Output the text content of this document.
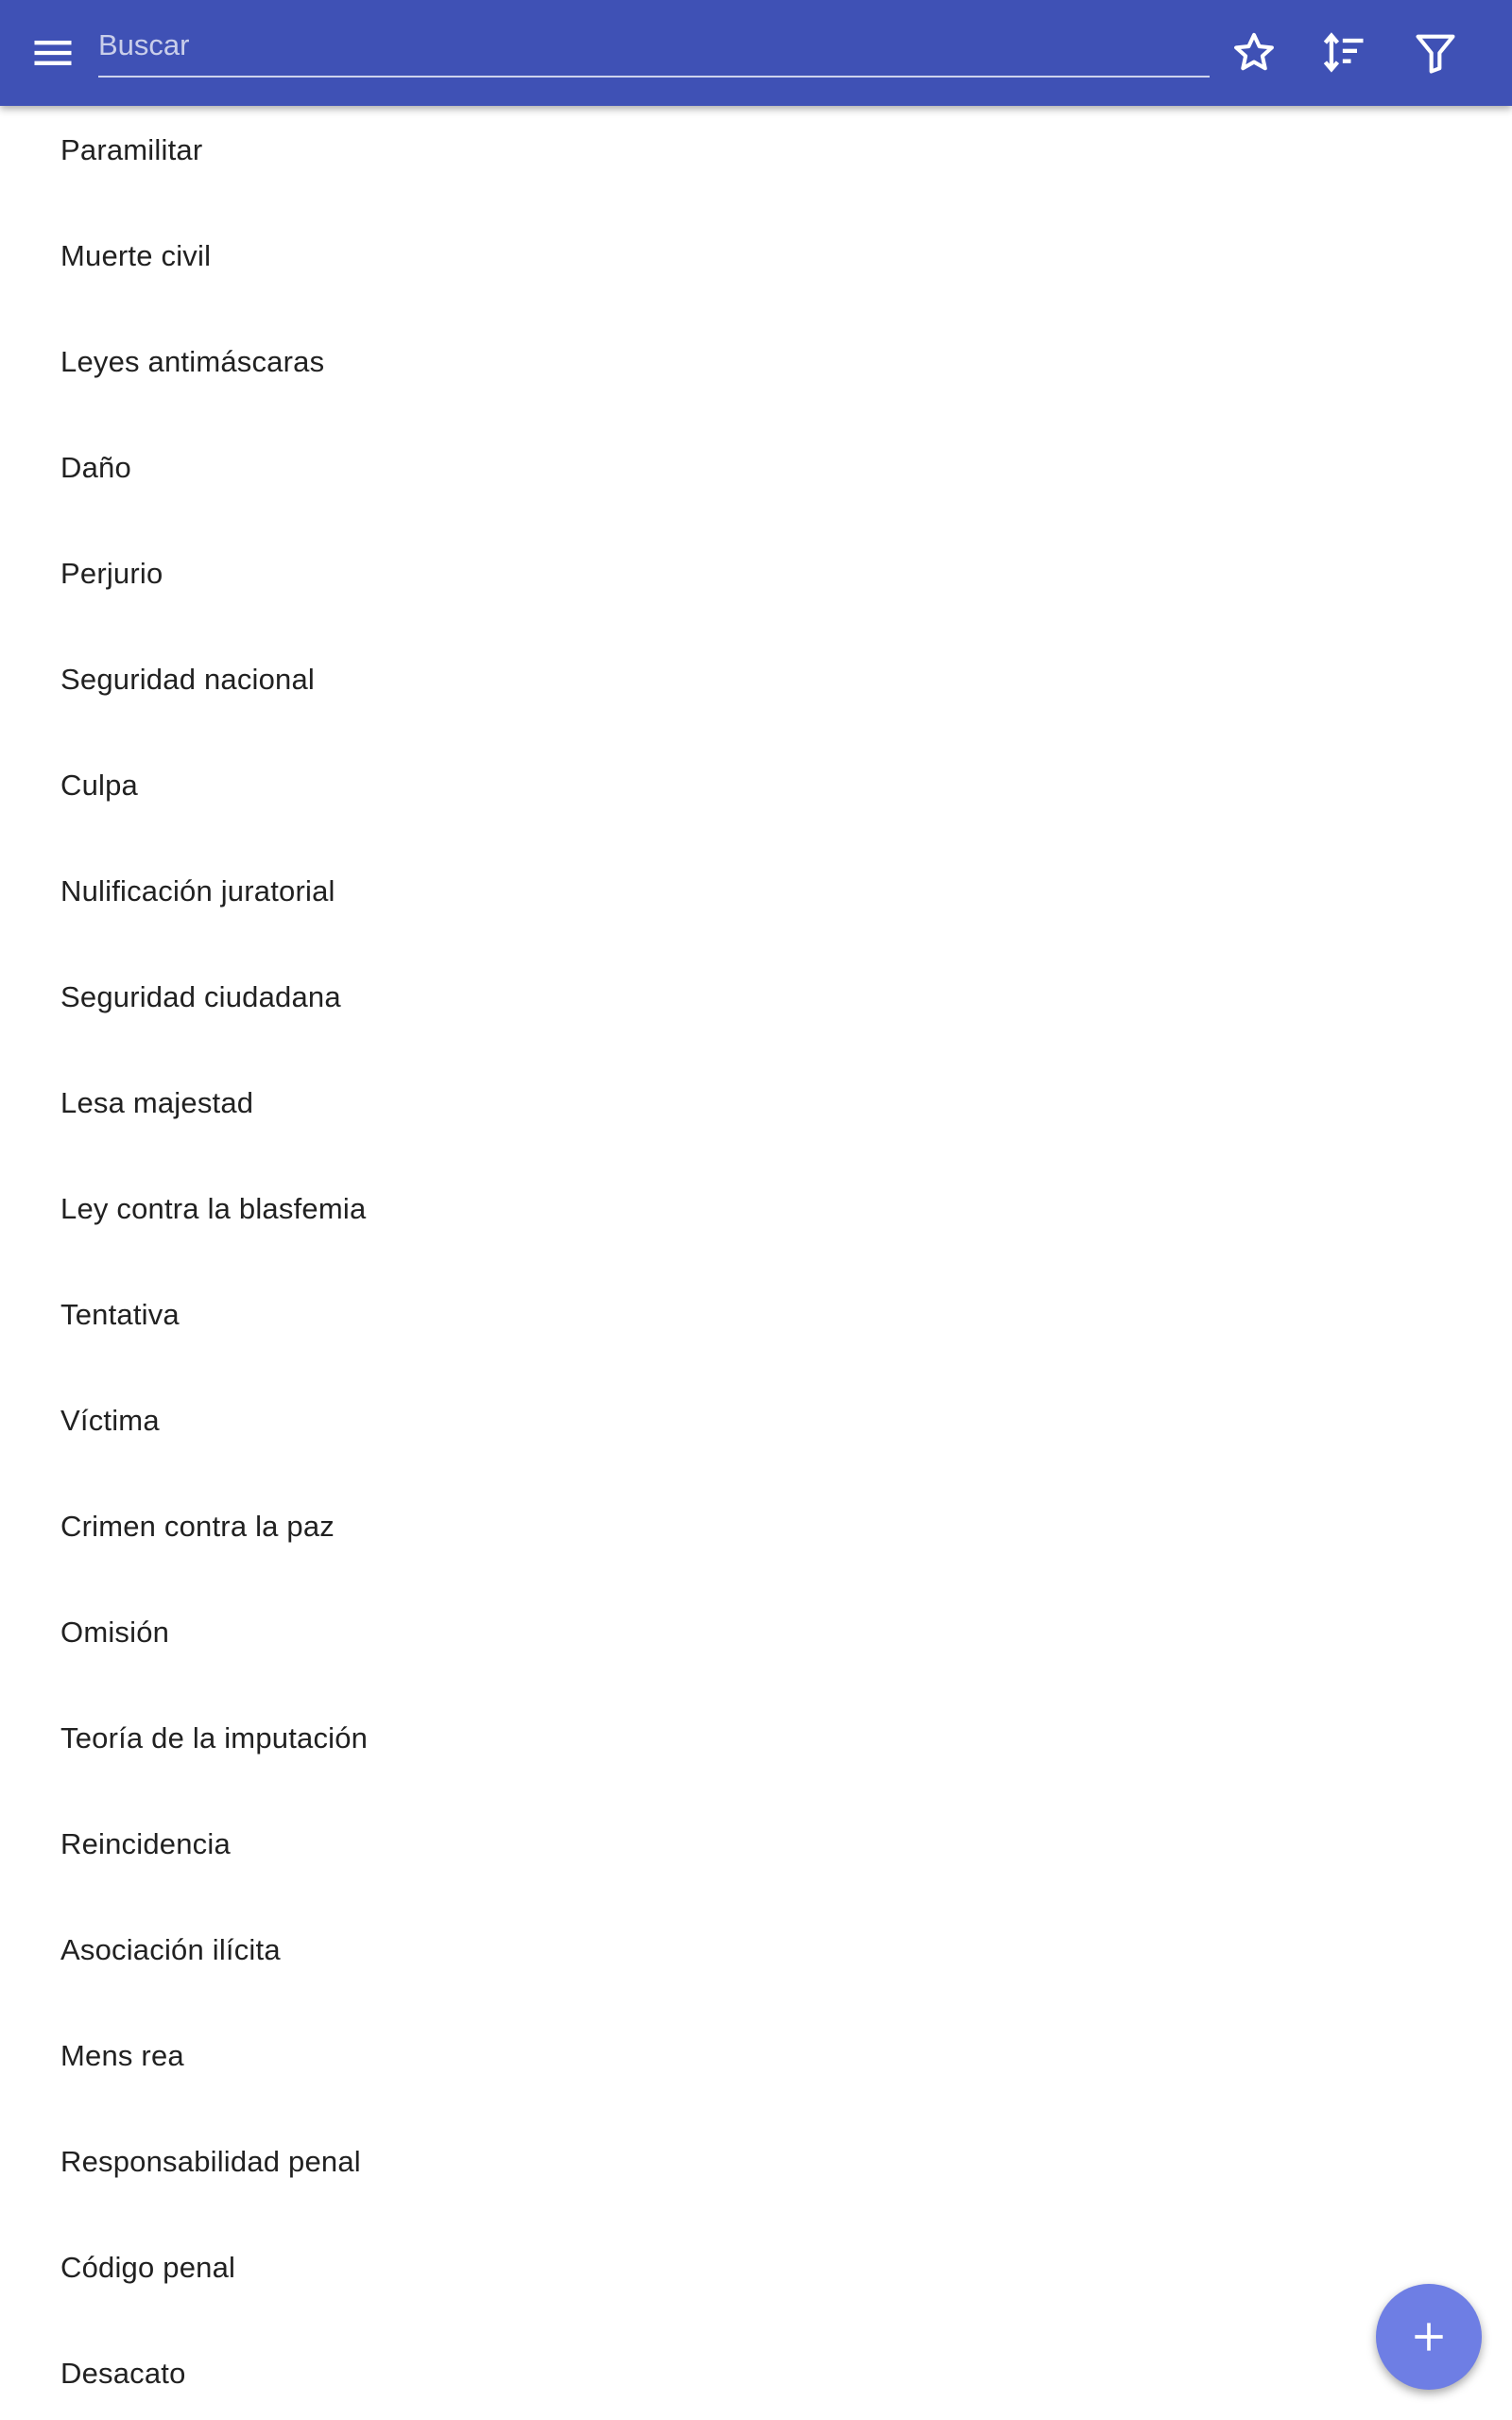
Buscar
Paramilitar
Muerte civil
Leyes antimáscaras
Daño
Perjurio
Seguridad nacional
Culpa
Nulificación juratorial
Seguridad ciudadana
Lesa majestad
Ley contra la blasfemia
Tentativa
Víctima
Crimen contra la paz
Omisión
Teoría de la imputación
Reincidencia
Asociación ilícita
Mens rea
Responsabilidad penal
Código penal
Desacato
